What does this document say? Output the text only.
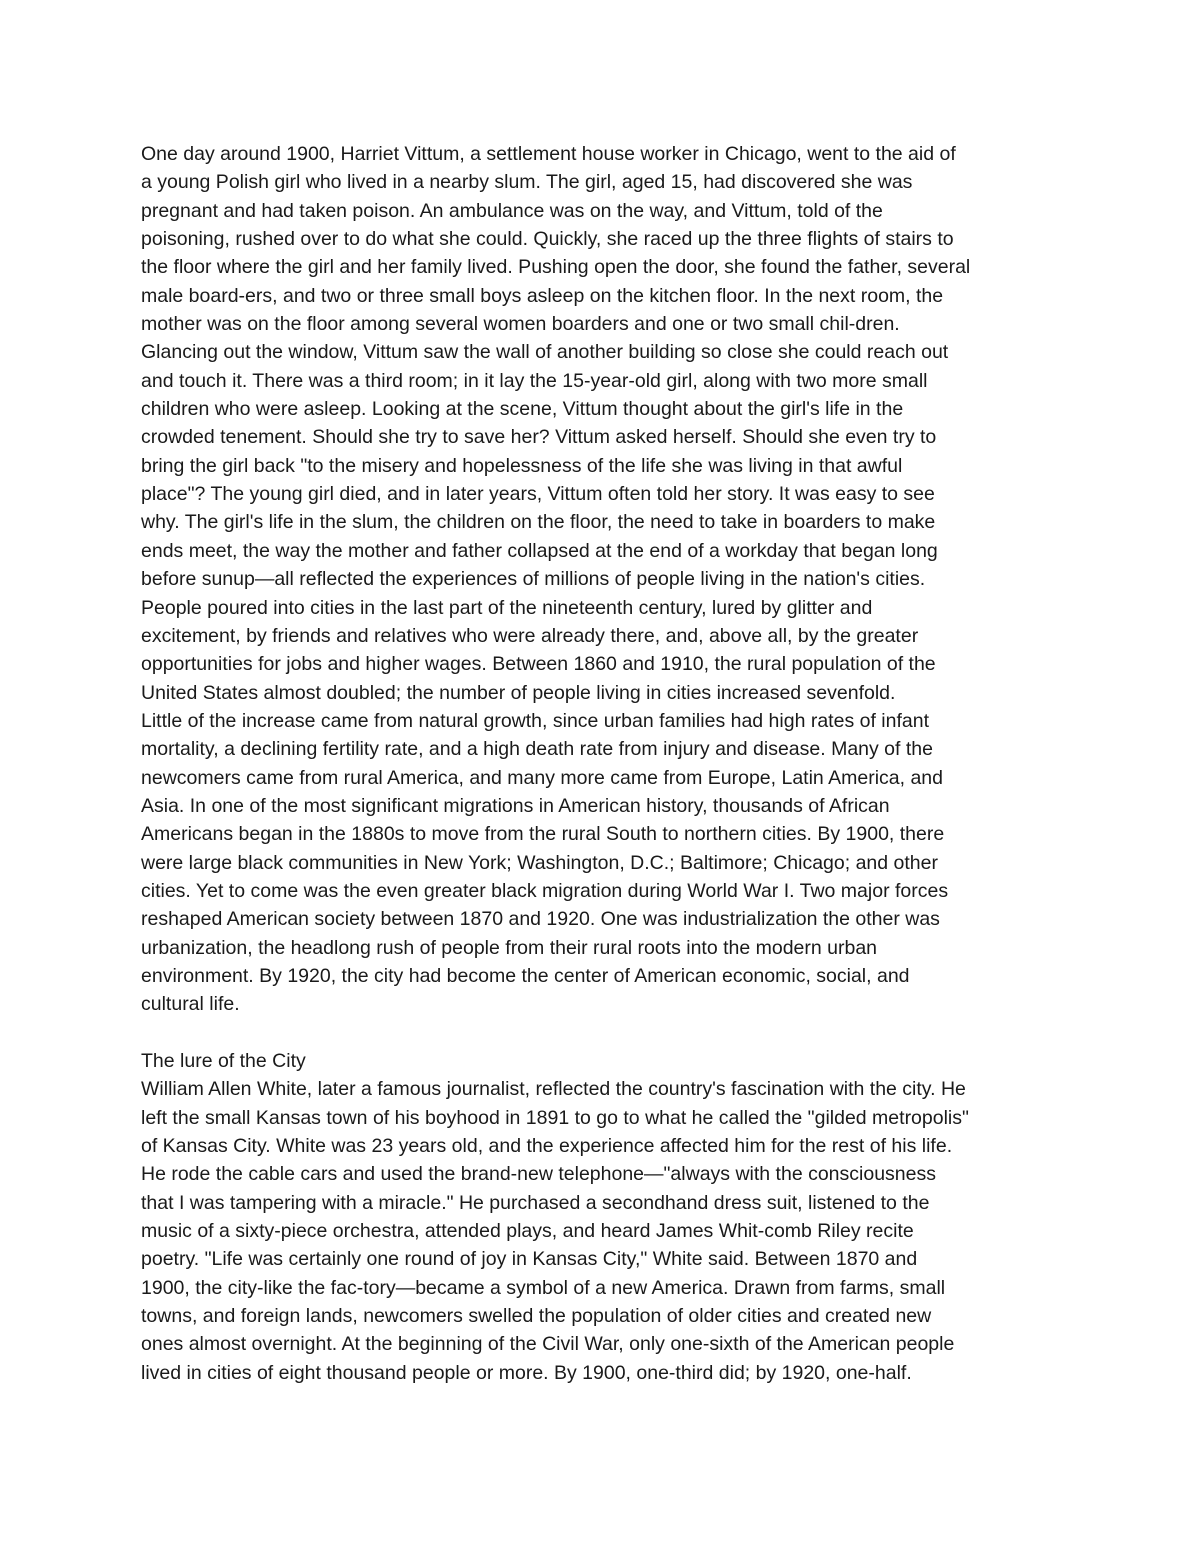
One day around 1900, Harriet Vittum, a settlement house worker in Chicago, went to the aid of
a young Polish girl who lived in a nearby slum. The girl, aged 15, had discovered she was
pregnant and had taken poison. An ambulance was on the way, and Vittum, told of the
poisoning, rushed over to do what she could. Quickly, she raced up the three flights of stairs to
the floor where the girl and her family lived. Pushing open the door, she found the father, several
male board-ers, and two or three small boys asleep on the kitchen floor. In the next room, the
mother was on the floor among several women boarders and one or two small chil-dren.
Glancing out the window, Vittum saw the wall of another building so close she could reach out
and touch it. There was a third room; in it lay the 15-year-old girl, along with two more small
children who were asleep. Looking at the scene, Vittum thought about the girl's life in the
crowded tenement. Should she try to save her? Vittum asked herself. Should she even try to
bring the girl back "to the misery and hopelessness of the life she was living in that awful
place"? The young girl died, and in later years, Vittum often told her story. It was easy to see
why. The girl's life in the slum, the children on the floor, the need to take in boarders to make
ends meet, the way the mother and father collapsed at the end of a workday that began long
before sunup—all reflected the experiences of millions of people living in the nation's cities.
People poured into cities in the last part of the nineteenth century, lured by glitter and
excitement, by friends and relatives who were already there, and, above all, by the greater
opportunities for jobs and higher wages. Between 1860 and 1910, the rural population of the
United States almost doubled; the number of people living in cities increased sevenfold.
Little of the increase came from natural growth, since urban families had high rates of infant
mortality, a declining fertility rate, and a high death rate from injury and disease. Many of the
newcomers came from rural America, and many more came from Europe, Latin America, and
Asia. In one of the most significant migrations in American history, thousands of African
Americans began in the 1880s to move from the rural South to northern cities. By 1900, there
were large black communities in New York; Washington, D.C.; Baltimore; Chicago; and other
cities. Yet to come was the even greater black migration during World War I. Two major forces
reshaped American society between 1870 and 1920. One was industrialization the other was
urbanization, the headlong rush of people from their rural roots into the modern urban
environment. By 1920, the city had become the center of American economic, social, and
cultural life.
The lure of the City
William Allen White, later a famous journalist, reflected the country's fascination with the city. He
left the small Kansas town of his boyhood in 1891 to go to what he called the "gilded metropolis"
of Kansas City. White was 23 years old, and the experience affected him for the rest of his life.
He rode the cable cars and used the brand-new telephone—"always with the consciousness
that I was tampering with a miracle." He purchased a secondhand dress suit, listened to the
music of a sixty-piece orchestra, attended plays, and heard James Whit-comb Riley recite
poetry. "Life was certainly one round of joy in Kansas City," White said. Between 1870 and
1900, the city-like the fac-tory—became a symbol of a new America. Drawn from farms, small
towns, and foreign lands, newcomers swelled the population of older cities and created new
ones almost overnight. At the beginning of the Civil War, only one-sixth of the American people
lived in cities of eight thousand people or more. By 1900, one-third did; by 1920, one-half.
